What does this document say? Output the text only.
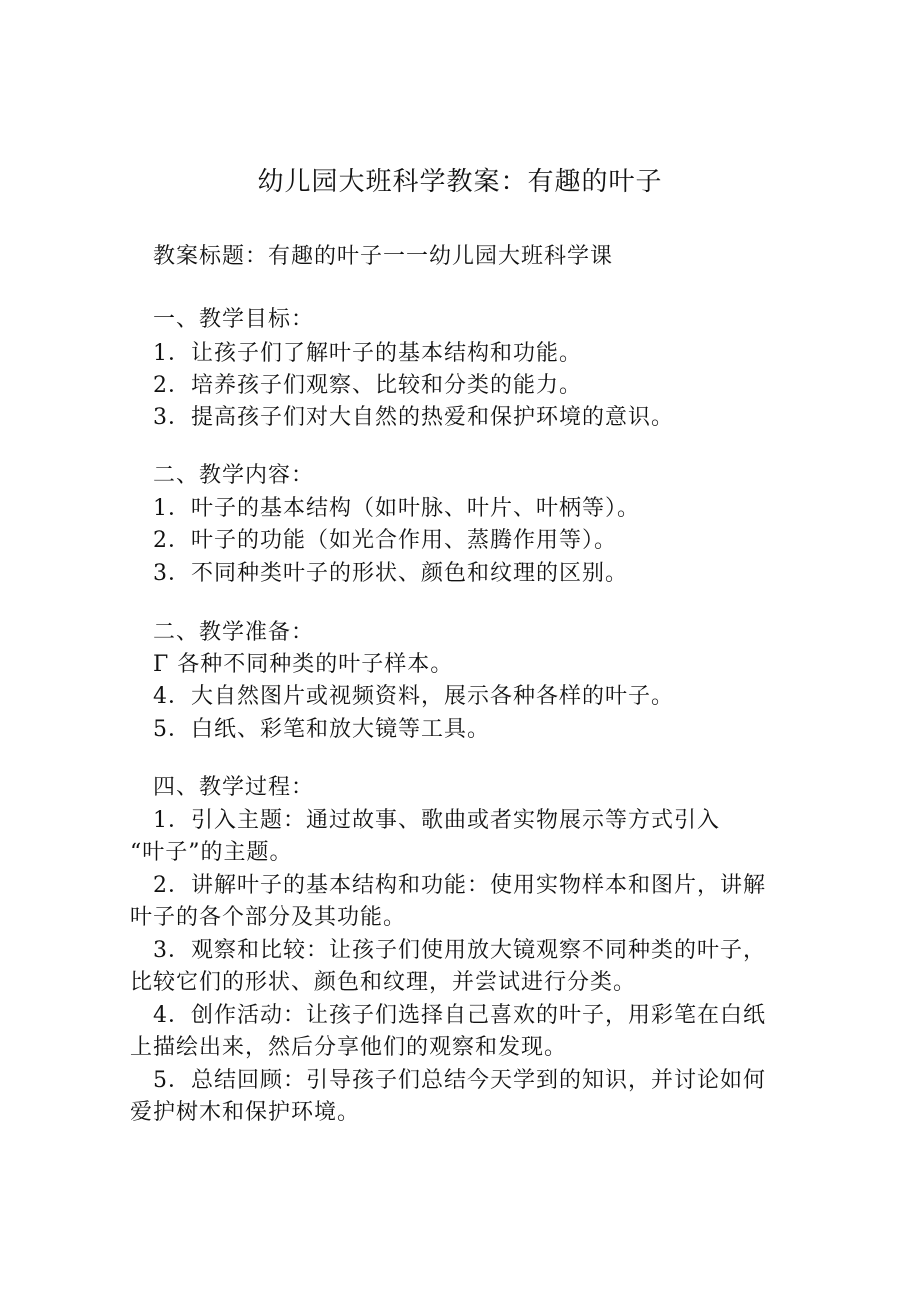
幼儿园大班科学教案：有趣的叶子
教案标题：有趣的叶子一一幼儿园大班科学课
一、教学目标：
1．让孩子们了解叶子的基本结构和功能。
2．培养孩子们观察、比较和分类的能力。
3．提高孩子们对大自然的热爱和保护环境的意识。
二、教学内容：
1．叶子的基本结构（如叶脉、叶片、叶柄等）。
2．叶子的功能（如光合作用、蒸腾作用等）。
3．不同种类叶子的形状、颜色和纹理的区别。
二、教学准备：
Γ 各种不同种类的叶子样本。
4．大自然图片或视频资料，展示各种各样的叶子。
5．白纸、彩笔和放大镜等工具。
四、教学过程：
1．引入主题：通过故事、歌曲或者实物展示等方式引入
“叶子”的主题。
2．讲解叶子的基本结构和功能：使用实物样本和图片，讲解
叶子的各个部分及其功能。
3．观察和比较：让孩子们使用放大镜观察不同种类的叶子，
比较它们的形状、颜色和纹理，并尝试进行分类。
4．创作活动：让孩子们选择自己喜欢的叶子，用彩笔在白纸
上描绘出来，然后分享他们的观察和发现。
5．总结回顾：引导孩子们总结今天学到的知识，并讨论如何
爱护树木和保护环境。
